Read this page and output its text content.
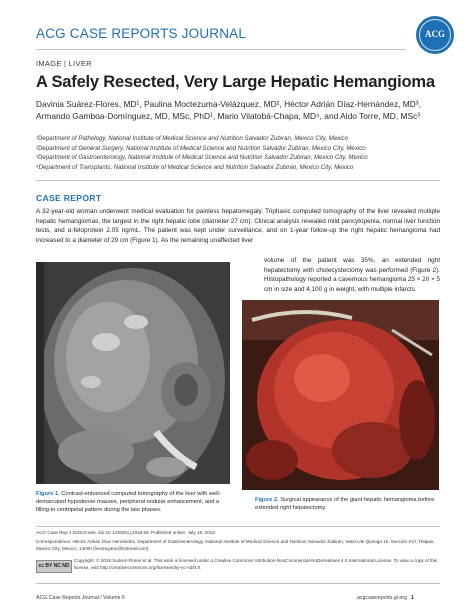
ACG CASE REPORTS JOURNAL	ACG
IMAGE | LIVER
A Safely Resected, Very Large Hepatic Hemangioma
Davinia Suárez-Flores, MD¹, Paulina Moctezuma-Velázquez, MD², Héctor Adrián Díaz-Hernández, MD³,
Armando Gamboa-Domínguez, MD, MSc, PhD¹, Mario Vilatobá-Chapa, MD⁴, and Aldo Torre, MD, MSc³
¹Department of Pathology, National Institute of Medical Science and Nutrition Salvador Zubiran, Mexico City, Mexico
²Department of General Surgery, National Institute of Medical Science and Nutrition Salvador Zubiran, Mexico City, Mexico
³Department of Gastroenterology, National Institute of Medical Science and Nutrition Salvador Zubiran, Mexico City, Mexico
⁴Department of Transplants, National Institute of Medical Science and Nutrition Salvador Zubiran, Mexico City, Mexico
CASE REPORT
A 32-year-old woman underwent medical evaluation for painless hepatomegaly. Triphasic computed tomography of the liver revealed multiple hepatic hemangiomas, the largest in the right hepatic lobe (diameter 27 cm). Clinical analysis revealed mild pancytopenia, normal liver function tests, and α-fetoprotein 2.05 ng/mL. The patient was kept under surveillance, and on 1-year follow-up the right hepatic hemangioma had increased to a diameter of 29 cm (Figure 1). As the remaining unaffected liver
volume of the patient was 35%, an extended right hepatectomy with cholecystectomy was performed (Figure 2). Histopathology reported a cavernous hemangioma 25 × 20 × 5 cm in size and 4,100 g in weight, with multiple infarcts
Figure 1. Contrast-enhanced computed tomography of the liver with well-demarcated hypodense masses, peripheral nodular enhancement, and a filling-in centripetal pattern during the late phases.
Figure 2. Surgical appearance of the giant hepatic hemangioma before extended right hepatectomy.
ACG Case Rep J 2018;5:e55. doi:10.14309/crj.2018.55. Published online: July 18, 2018.
Correspondence: Héctor Adrián Díaz Hernández, Department of Gastroenterology, National Institute of Medical Science and Nutrition Salvador Zubiran, Vasco de Quiroga 15, Sección XVI, Tlalpan, Mexico City, Mexico, 14000 (hectrayano@hotmail.com).
cc BY NC ND
Copyright: © 2018 Suárez-Flores et al. This work is licensed under a Creative Commons Attribution-NonCommercial-NoDerivatives 4.0 International License. To view a copy of this license, visit http://creativecommons.org/licenses/by-nc-nd/4.0.
ACG Case Reports Journal / Volume 5	acgcasereports.gi.org 1
